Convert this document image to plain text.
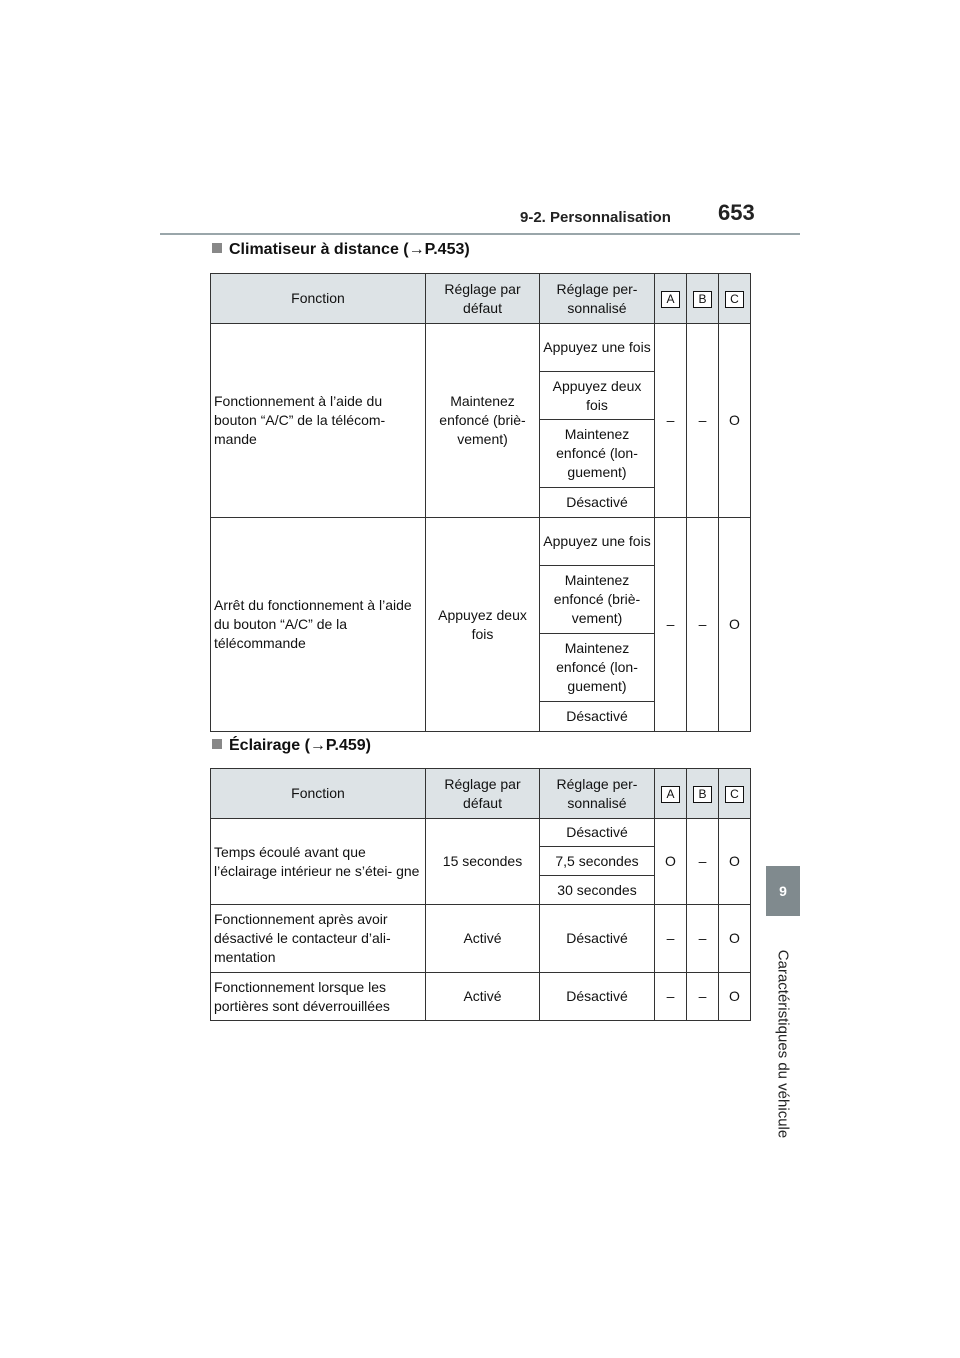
9-2. Personnalisation 653
9
Caractéristiques du véhicule
Climatiseur à distance (→P.453)
Fonction	Réglage par défaut	Réglage per- sonnalisé	A	B	C
Fonctionnement à l’aide du bouton “A/C” de la télécom- mande	Maintenez enfoncé (briè- vement)	Appuyez une fois	–	–	O
		Appuyez deux fois			
		Maintenez enfoncé (lon- guement)			
		Désactivé			
Arrêt du fonctionnement à l’aide du bouton “A/C” de la télécommande	Appuyez deux fois	Appuyez une fois	–	–	O
		Maintenez enfoncé (briè- vement)			
		Maintenez enfoncé (lon- guement)			
		Désactivé			
Éclairage (→P.459)
Fonction	Réglage par défaut	Réglage per- sonnalisé	A	B	C
Temps écoulé avant que l’éclairage intérieur ne s’étei- gne	15 secondes	Désactivé	O	–	O
		7,5 secondes			
		30 secondes			
Fonctionnement après avoir désactivé le contacteur d’ali- mentation	Activé	Désactivé	–	–	O
Fonctionnement lorsque les portières sont déverrouillées	Activé	Désactivé	–	–	O
